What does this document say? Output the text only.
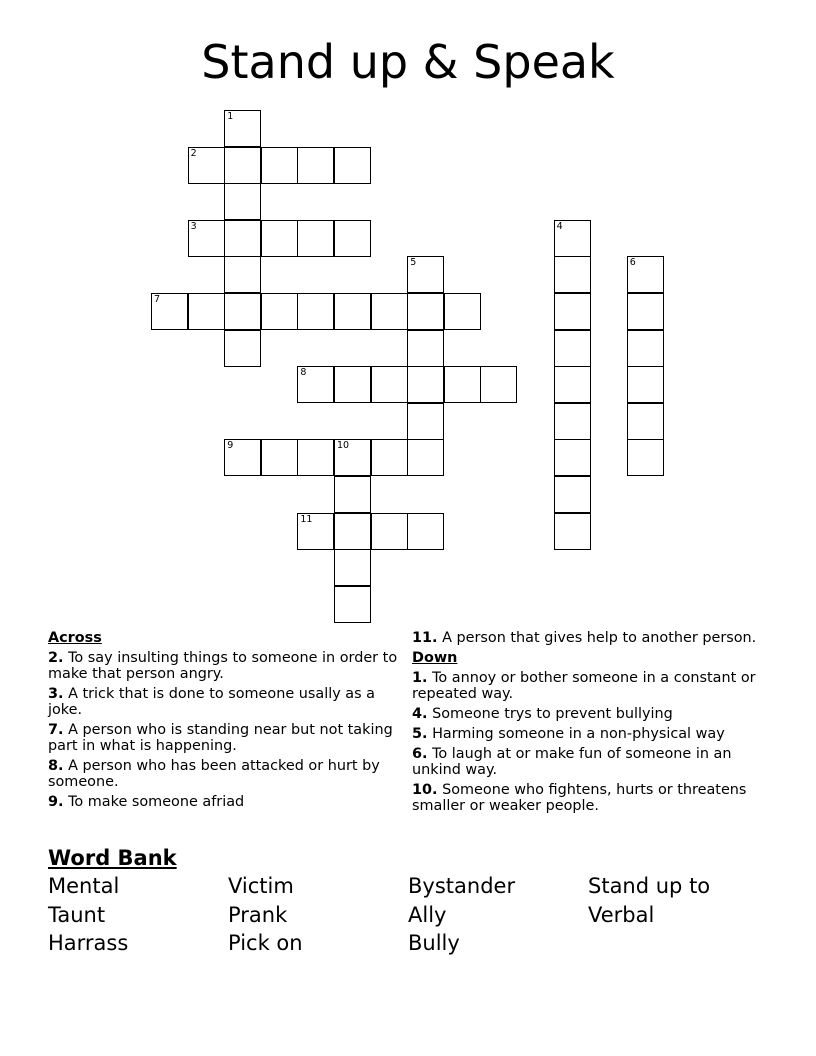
Stand up & Speak
1
2
3
7
5
8
9	10
11
4
6
Across
2. To say insulting things to someone in order to make that person angry.
3. A trick that is done to someone usally as a joke.
7. A person who is standing near but not taking part in what is happening.
8. A person who has been attacked or hurt by someone.
9. To make someone afriad
11. A person that gives help to another person.
Down
1. To annoy or bother someone in a constant or repeated way.
4. Someone trys to prevent bullying
5. Harming someone in a non-physical way
6. To laugh at or make fun of someone in an unkind way.
10. Someone who fightens, hurts or threatens smaller or weaker people.
Word Bank
Mental	Victim	Bystander	Stand up to
Taunt	Prank	Ally	Verbal
Harrass	Pick on	Bully
